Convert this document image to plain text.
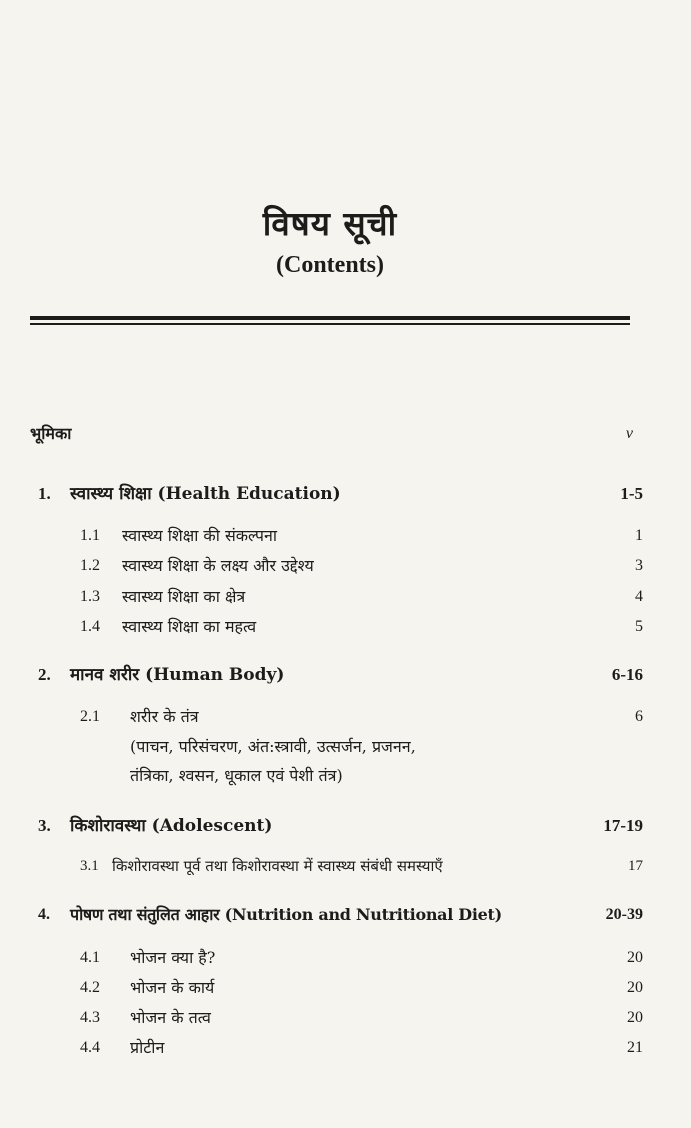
विषय सूची
(Contents)
भूमिका	v
1. स्वास्थ्य शिक्षा (Health Education)	1-5
1.1 स्वास्थ्य शिक्षा की संकल्पना	1
1.2 स्वास्थ्य शिक्षा के लक्ष्य और उद्देश्य	3
1.3 स्वास्थ्य शिक्षा का क्षेत्र	4
1.4 स्वास्थ्य शिक्षा का महत्व	5
2. मानव शरीर (Human Body)	6-16
2.1 शरीर के तंत्र	6
(पाचन, परिसंचरण, अंत:स्त्रावी, उत्सर्जन, प्रजनन,
तंत्रिका, श्वसन, धूकाल एवं पेशी तंत्र)
3. किशोरावस्था (Adolescent)	17-19
3.1 किशोरावस्था पूर्व तथा किशोरावस्था में स्वास्थ्य संबंधी समस्याएँ	17
4. पोषण तथा संतुलित आहार (Nutrition and Nutritional Diet)	20-39
4.1 भोजन क्या है?	20
4.2 भोजन के कार्य	20
4.3 भोजन के तत्व	20
4.4 प्रोटीन	21
